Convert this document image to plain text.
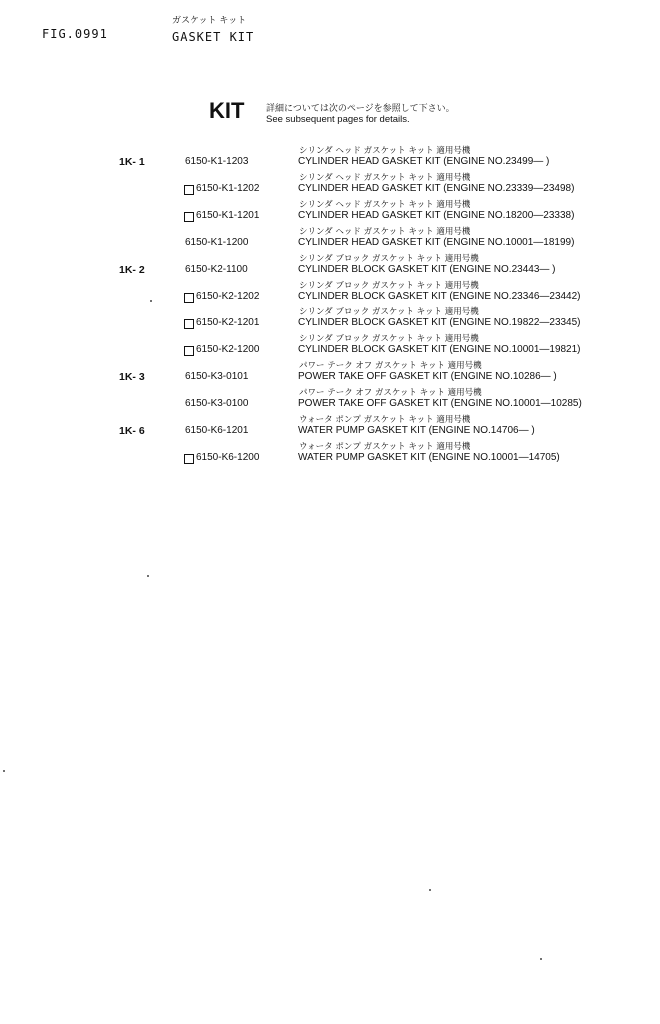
FIG.0991
ガスケット キット
GASKET KIT
KIT 詳細については次のページを参照して下さい。
See subsequent pages for details.
1K- 1	6150-K1-1203
シリンダ ヘッド ガスケット キット 適用号機
CYLINDER HEAD GASKET KIT (ENGINE NO.23499— )
6150-K1-1202
シリンダ ヘッド ガスケット キット 適用号機
CYLINDER HEAD GASKET KIT (ENGINE NO.23339—23498)
6150-K1-1201
シリンダ ヘッド ガスケット キット 適用号機
CYLINDER HEAD GASKET KIT (ENGINE NO.18200—23338)
6150-K1-1200
シリンダ ヘッド ガスケット キット 適用号機
CYLINDER HEAD GASKET KIT (ENGINE NO.10001—18199)
1K- 2	6150-K2-1100
シリンダ ブロック ガスケット キット 適用号機
CYLINDER BLOCK GASKET KIT (ENGINE NO.23443— )
6150-K2-1202
シリンダ ブロック ガスケット キット 適用号機
CYLINDER BLOCK GASKET KIT (ENGINE NO.23346—23442)
6150-K2-1201
シリンダ ブロック ガスケット キット 適用号機
CYLINDER BLOCK GASKET KIT (ENGINE NO.19822—23345)
6150-K2-1200
シリンダ ブロック ガスケット キット 適用号機
CYLINDER BLOCK GASKET KIT (ENGINE NO.10001—19821)
1K- 3	6150-K3-0101
パワー テーク オフ ガスケット キット 適用号機
POWER TAKE OFF GASKET KIT (ENGINE NO.10286— )
6150-K3-0100
パワー テーク オフ ガスケット キット 適用号機
POWER TAKE OFF GASKET KIT (ENGINE NO.10001—10285)
1K- 6	6150-K6-1201
ウォータ ポンプ ガスケット キット 適用号機
WATER PUMP GASKET KIT (ENGINE NO.14706— )
6150-K6-1200
ウォータ ポンプ ガスケット キット 適用号機
WATER PUMP GASKET KIT (ENGINE NO.10001—14705)
